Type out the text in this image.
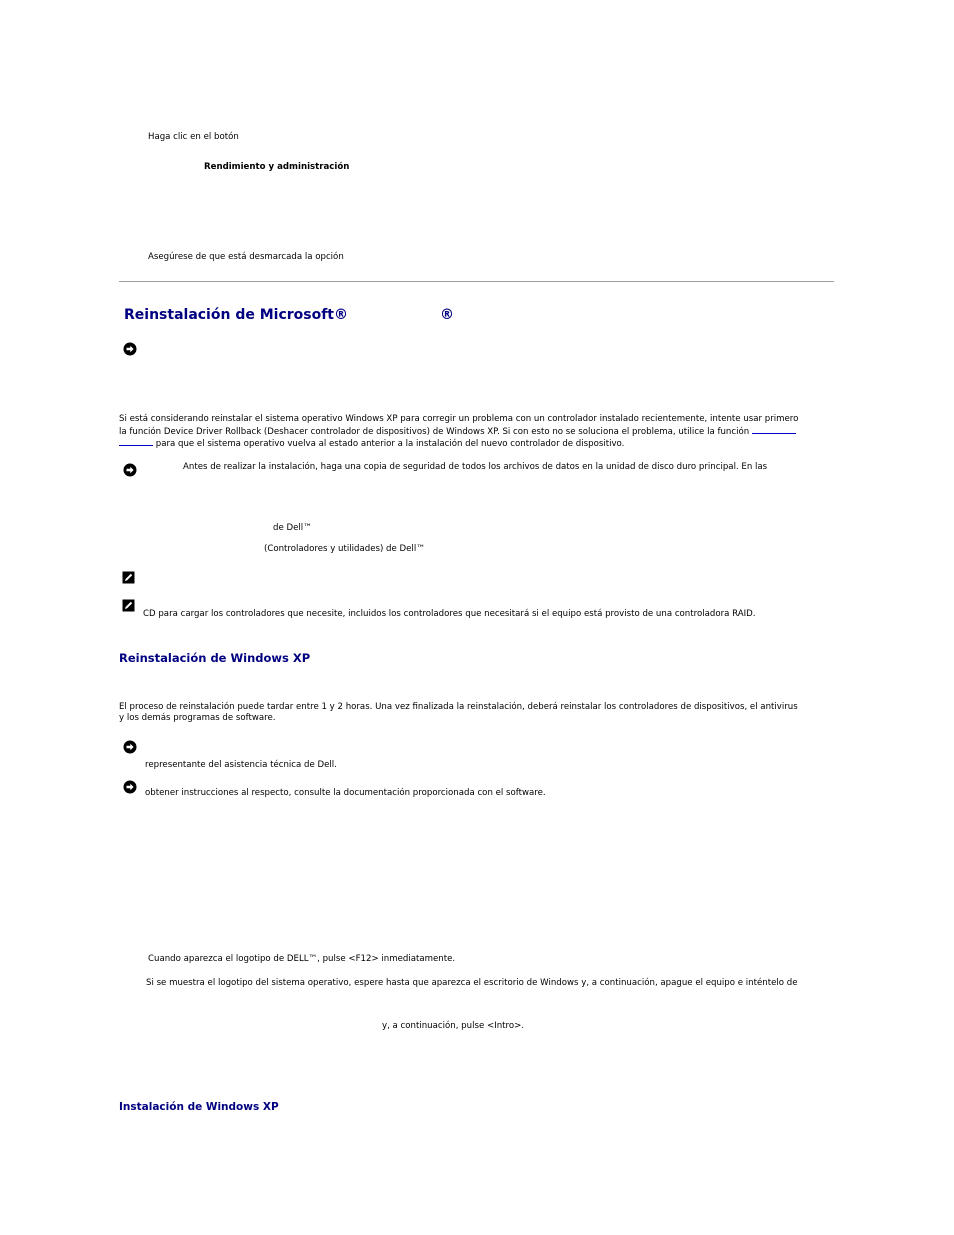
Haga clic en el botón
Rendimiento y administración
Asegúrese de que está desmarcada la opción
Reinstalación de Microsoft®	®
Si está considerando reinstalar el sistema operativo Windows XP para corregir un problema con un controlador instalado recientemente, intente usar primero
la función Device Driver Rollback (Deshacer controlador de dispositivos) de Windows XP. Si con esto no se soluciona el problema, utilice la función
para que el sistema operativo vuelva al estado anterior a la instalación del nuevo controlador de dispositivo.
Antes de realizar la instalación, haga una copia de seguridad de todos los archivos de datos en la unidad de disco duro principal. En las
de Dell™
(Controladores y utilidades) de Dell™
CD para cargar los controladores que necesite, incluidos los controladores que necesitará si el equipo está provisto de una controladora RAID.
Reinstalación de Windows XP
El proceso de reinstalación puede tardar entre 1 y 2 horas. Una vez finalizada la reinstalación, deberá reinstalar los controladores de dispositivos, el antivirus
y los demás programas de software.
representante del asistencia técnica de Dell.
obtener instrucciones al respecto, consulte la documentación proporcionada con el software.
Cuando aparezca el logotipo de DELL™, pulse <F12> inmediatamente.
Si se muestra el logotipo del sistema operativo, espere hasta que aparezca el escritorio de Windows y, a continuación, apague el equipo e inténtelo de
y, a continuación, pulse <Intro>.
Instalación de Windows XP
